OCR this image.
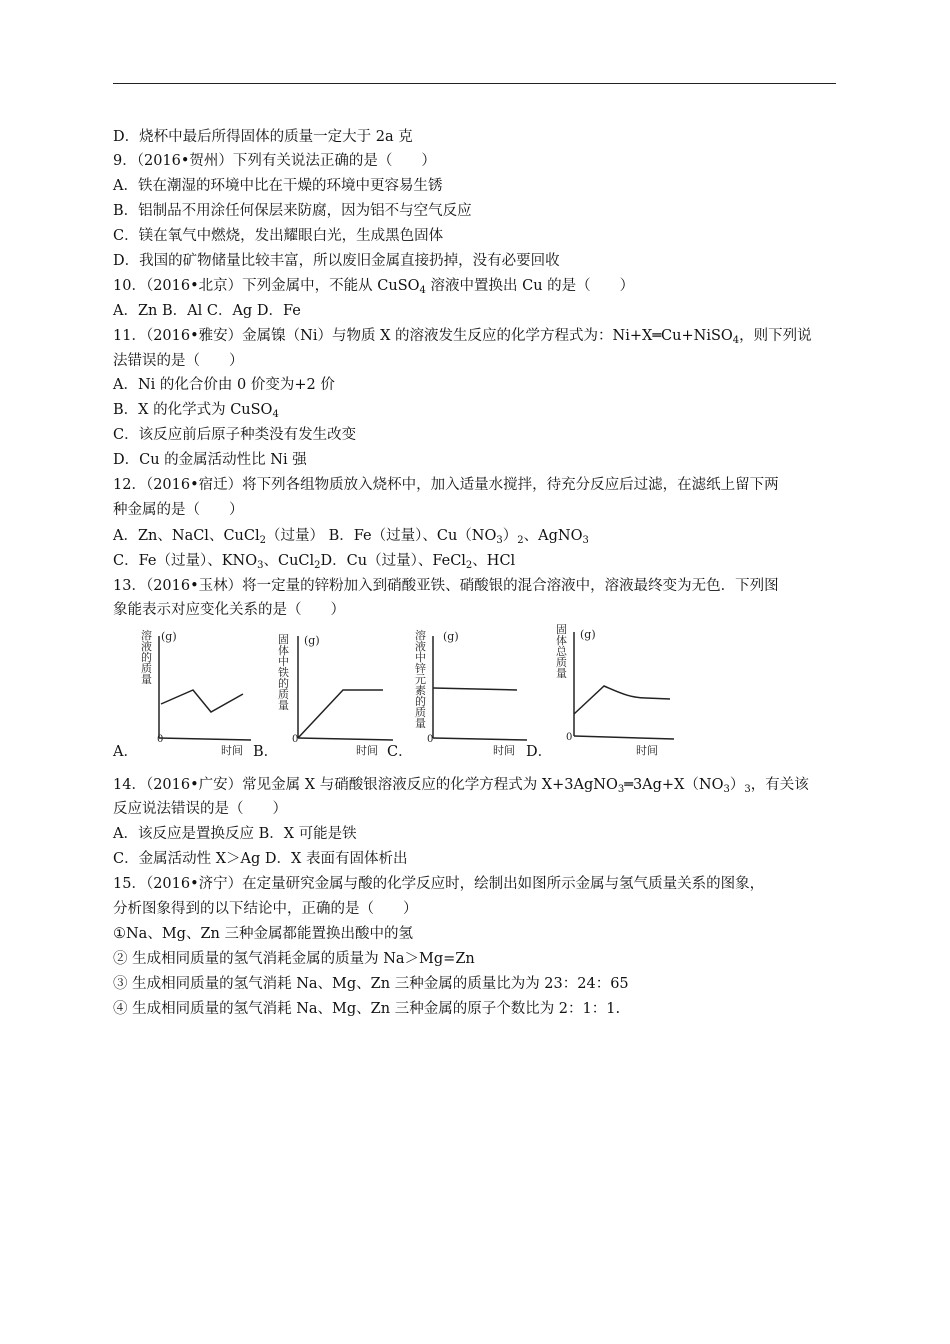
D．烧杯中最后所得固体的质量一定大于 2a 克
9．（2016•贺州）下列有关说法正确的是（　　）
A．铁在潮湿的环境中比在干燥的环境中更容易生锈
B．铝制品不用涂任何保层来防腐，因为铝不与空气反应
C．镁在氧气中燃烧，发出耀眼白光，生成黑色固体
D．我国的矿物储量比较丰富，所以废旧金属直接扔掉，没有必要回收
10．（2016•北京）下列金属中，不能从 CuSO$_4$ 溶液中置换出 Cu 的是（　　）
A．Zn B．Al C．Ag D．Fe
11．（2016•雅安）金属镍（Ni）与物质 X 的溶液发生反应的化学方程式为：Ni+X═Cu+NiSO$_4$，则下列说
法错误的是（　　）
A．Ni 的化合价由 0 价变为+2 价
B．X 的化学式为 CuSO$_4$
C．该反应前后原子种类没有发生改变
D．Cu 的金属活动性比 Ni 强
12．（2016•宿迁）将下列各组物质放入烧杯中，加入适量水搅拌，待充分反应后过滤，在滤纸上留下两
种金属的是（　　）
A．Zn、NaCl、CuCl$_2$（过量） B．Fe（过量）、$Cu(NO_3)_2$、AgNO$_3$
C．Fe（过量）、$KNO_3$、CuCl$_2$D．Cu（过量）、FeCl$_2$、HCl
13．（2016•玉林）将一定量的锌粉加入到硝酸亚铁、硝酸银的混合溶液中，溶液最终变为无色．下列图
象能表示对应变化关系的是（　　）
A．
溶液的质量
(g)
0
时间 B．
固体中铁的质量
(g)
0
时间 C．
溶液中锌元素的质量
(g)
0
时间 D．
固体总质量
(g)
0
时间
14．（2016•广安）常见金属 X 与硝酸银溶液反应的化学方程式为 $X+3AgNO_3═3Ag+X(NO_3)_3$，有关该
反应说法错误的是（　　）
A．该反应是置换反应 B．X 可能是铁
C．金属活动性 X＞Ag D．X 表面有固体析出
15．（2016•济宁）在定量研究金属与酸的化学反应时，绘制出如图所示金属与氢气质量关系的图象，
分析图象得到的以下结论中，正确的是（　　）
①Na、Mg、Zn 三种金属都能置换出酸中的氢
② 生成相同质量的氢气消耗金属的质量为 Na＞Mg=Zn
③ 生成相同质量的氢气消耗 Na、Mg、Zn 三种金属的质量比为为 23：24：65
④ 生成相同质量的氢气消耗 Na、Mg、Zn 三种金属的原子个数比为 2：1：1.
